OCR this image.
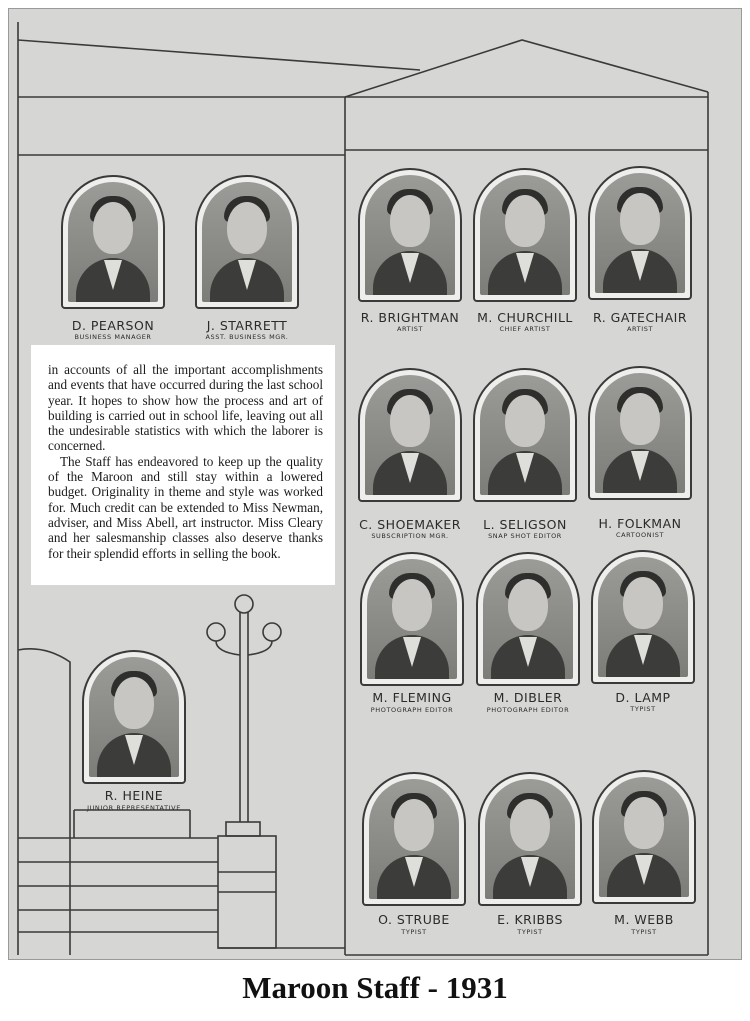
in accounts of all the important accomplishments and events that have occurred during the last school year. It hopes to show how the process and art of building is carried out in school life, leaving out all the undesirable statistics with which the laborer is concerned.

The Staff has endeavored to keep up the quality of the Maroon and still stay within a lowered budget. Originality in theme and style was worked for. Much credit can be extended to Miss Newman, adviser, and Miss Abell, art instructor. Miss Cleary and her salesmanship classes also deserve thanks for their splendid efforts in selling the book.

D. PEARSON
BUSINESS MANAGER
J. STARRETT
ASST. BUSINESS MGR.
R. BRIGHTMAN
ARTIST
M. CHURCHILL
CHIEF ARTIST
R. GATECHAIR
ARTIST
C. SHOEMAKER
SUBSCRIPTION MGR.
L. SELIGSON
SNAP SHOT EDITOR
H. FOLKMAN
CARTOONIST
M. FLEMING
PHOTOGRAPH EDITOR
M. DIBLER
PHOTOGRAPH EDITOR
D. LAMP
TYPIST
R. HEINE
JUNIOR REPRESENTATIVE
O. STRUBE
TYPIST
E. KRIBBS
TYPIST
M. WEBB
TYPIST
Maroon Staff - 1931
